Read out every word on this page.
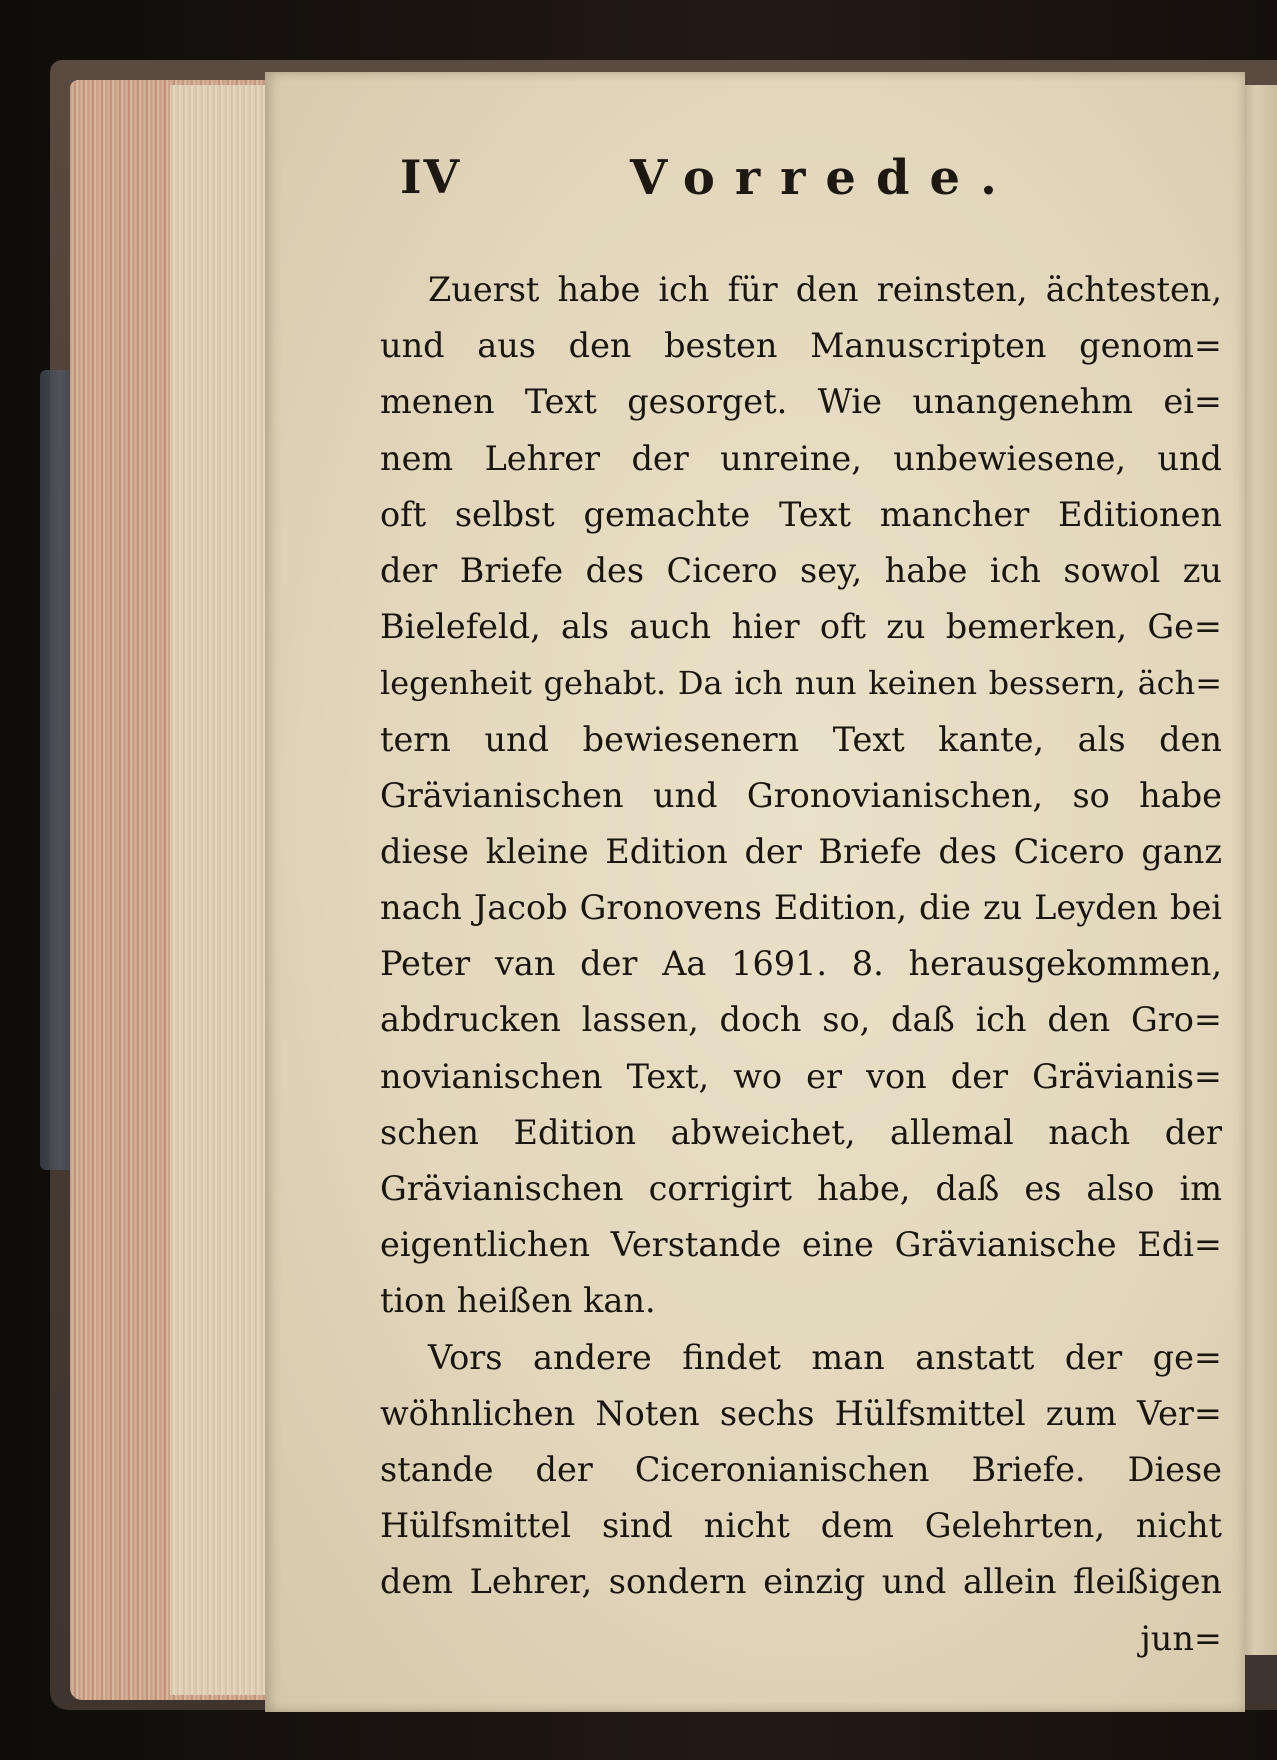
IV	Vorrede.
Zuerst habe ich für den reinsten, ächtesten,
und aus den besten Manuscripten genom=
menen Text gesorget. Wie unangenehm ei=
nem Lehrer der unreine, unbewiesene, und
oft selbst gemachte Text mancher Editionen
der Briefe des Cicero sey, habe ich sowol zu
Bielefeld, als auch hier oft zu bemerken, Ge=
legenheit gehabt. Da ich nun keinen bessern, äch=
tern und bewiesenern Text kante, als den
Grävianischen und Gronovianischen, so habe
diese kleine Edition der Briefe des Cicero ganz
nach Jacob Gronovens Edition, die zu Leyden bei
Peter van der Aa 1691. 8. herausgekommen,
abdrucken lassen, doch so, daß ich den Gro=
novianischen Text, wo er von der Grävianis=
schen Edition abweichet, allemal nach der
Grävianischen corrigirt habe, daß es also im
eigentlichen Verstande eine Grävianische Edi=
tion heißen kan.
Vors andere findet man anstatt der ge=
wöhnlichen Noten sechs Hülfsmittel zum Ver=
stande der Ciceronianischen Briefe. Diese
Hülfsmittel sind nicht dem Gelehrten, nicht
dem Lehrer, sondern einzig und allein fleißigen
jun=
